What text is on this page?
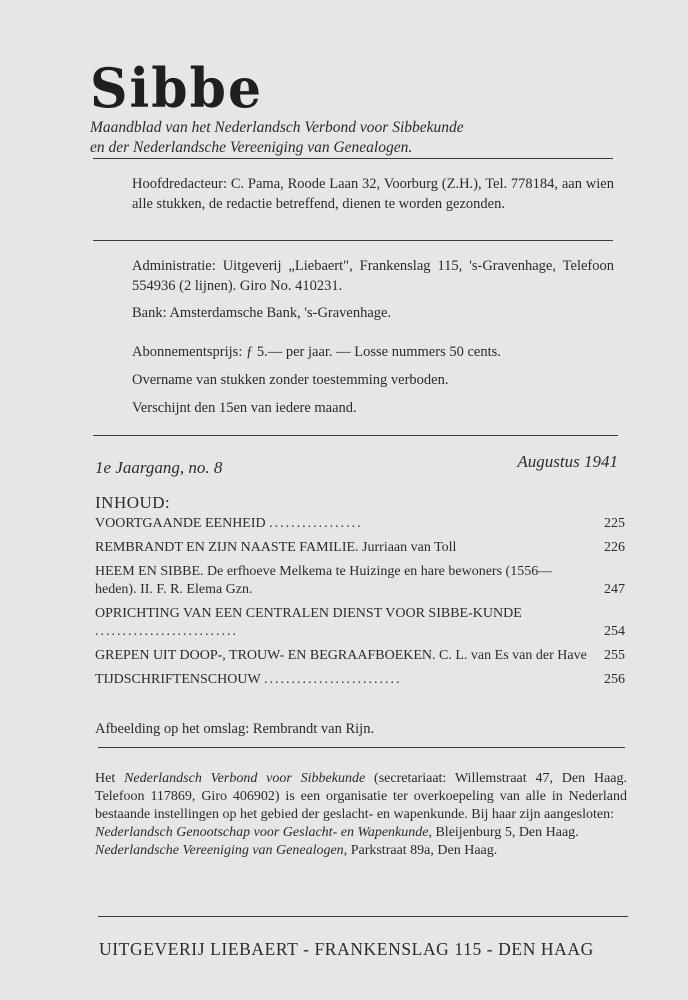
Sibbe
Maandblad van het Nederlandsch Verbond voor Sibbekunde
en der Nederlandsche Vereeniging van Genealogen.
Hoofdredacteur: C. Pama, Roode Laan 32, Voorburg (Z.H.), Tel. 778184, aan wien alle stukken, de redactie betreffend, dienen te worden gezonden.
Administratie: Uitgeverij „Liebaert", Frankenslag 115, 's-Gravenhage, Telefoon 554936 (2 lijnen). Giro No. 410231.
Bank: Amsterdamsche Bank, 's-Gravenhage.
Abonnementsprijs: ƒ 5.— per jaar. — Losse nummers 50 cents.
Overname van stukken zonder toestemming verboden.
Verschijnt den 15en van iedere maand.
1e Jaargang, no. 8	Augustus 1941
INHOUD:
VOORTGAANDE EENHEID .................	225
REMBRANDT EN ZIJN NAASTE FAMILIE. Jurriaan van Toll	226
HEEM EN SIBBE. De erfhoeve Melkema te Huizinge en hare bewoners (1556—heden). II. F. R. Elema Gzn.	247
OPRICHTING VAN EEN CENTRALEN DIENST VOOR SIBBE-KUNDE ..........................	254
GREPEN UIT DOOP-, TROUW- EN BEGRAAFBOEKEN. C. L. van Es van der Have 255
TIJDSCHRIFTENSCHOUW .........................	256
Afbeelding op het omslag: Rembrandt van Rijn.
Het Nederlandsch Verbond voor Sibbekunde (secretariaat: Willemstraat 47, Den Haag. Telefoon 117869, Giro 406902) is een organisatie ter overkoepeling van alle in Nederland bestaande instellingen op het gebied der geslacht- en wapenkunde. Bij haar zijn aangesloten:
Nederlandsch Genootschap voor Geslacht- en Wapenkunde, Bleijenburg 5, Den Haag.
Nederlandsche Vereeniging van Genealogen, Parkstraat 89a, Den Haag.
UITGEVERIJ LIEBAERT - FRANKENSLAG 115 - DEN HAAG
